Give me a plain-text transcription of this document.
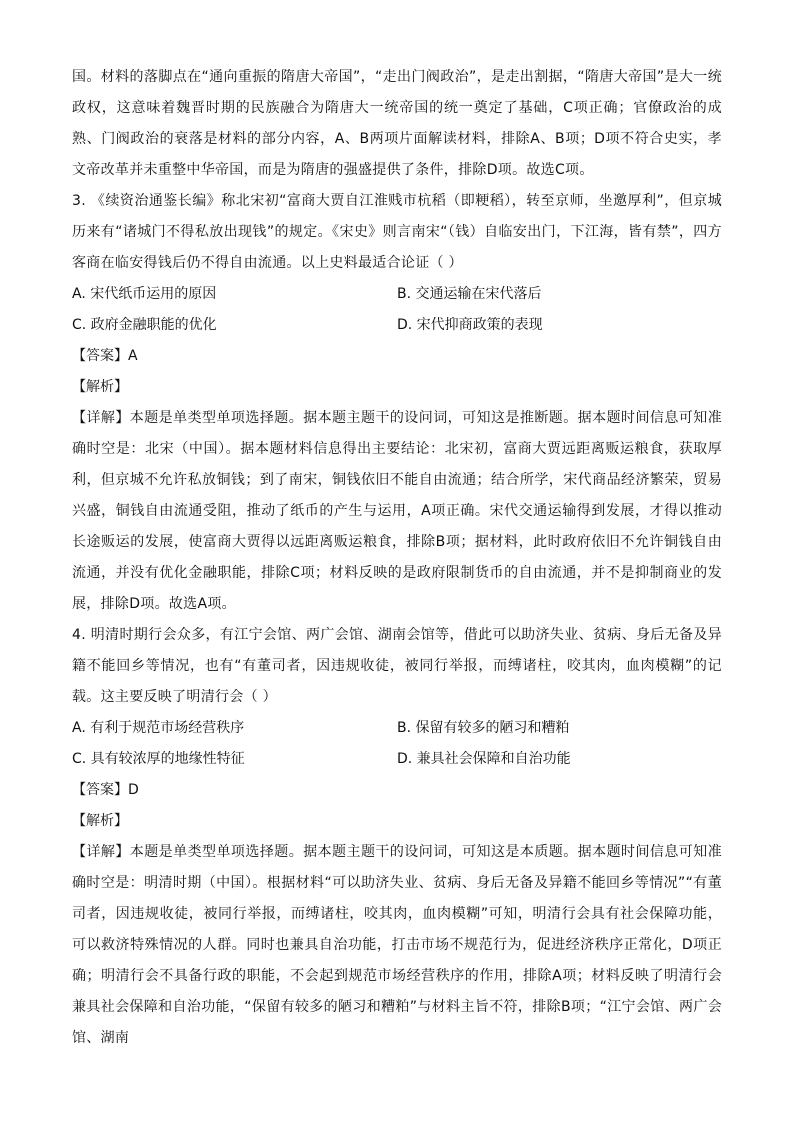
国。材料的落脚点在“通向重振的隋唐大帝国”，“走出门阀政治”，是走出割据，“隋唐大帝国”是大一统政权，这意味着魏晋时期的民族融合为隋唐大一统帝国的统一奠定了基础，C项正确；官僚政治的成熟、门阀政治的衰落是材料的部分内容，A、B两项片面解读材料，排除A、B项；D项不符合史实，孝文帝改革并未重整中华帝国，而是为隋唐的强盛提供了条件，排除D项。故选C项。

3. 《续资治通鉴长编》称北宋初“富商大贾自江淮贱市杭稻（即粳稻），转至京师，坐邀厚利”，但京城历来有“诸城门不得私放出现钱”的规定。《宋史》则言南宋“（钱）自临安出门，下江海，皆有禁”，四方客商在临安得钱后仍不得自由流通。以上史料最适合论证（ ）

A. 宋代纸币运用的原因	B. 交通运输在宋代落后
C. 政府金融职能的优化	D. 宋代抑商政策的表现

【答案】A

【解析】

【详解】本题是单类型单项选择题。据本题主题干的设问词，可知这是推断题。据本题时间信息可知准确时空是：北宋（中国）。据本题材料信息得出主要结论：北宋初，富商大贾远距离贩运粮食，获取厚利，但京城不允许私放铜钱；到了南宋，铜钱依旧不能自由流通；结合所学，宋代商品经济繁荣，贸易兴盛，铜钱自由流通受阻，推动了纸币的产生与运用，A项正确。宋代交通运输得到发展，才得以推动长途贩运的发展，使富商大贾得以远距离贩运粮食，排除B项；据材料，此时政府依旧不允许铜钱自由流通，并没有优化金融职能，排除C项；材料反映的是政府限制货币的自由流通，并不是抑制商业的发展，排除D项。故选A项。

4. 明清时期行会众多，有江宁会馆、两广会馆、湖南会馆等，借此可以助济失业、贫病、身后无备及异籍不能回乡等情况，也有“有董司者，因违规收徒，被同行举报，而缚诸柱，咬其肉，血肉模糊”的记载。这主要反映了明清行会（ ）

A. 有利于规范市场经营秩序	B. 保留有较多的陋习和糟粕
C. 具有较浓厚的地缘性特征	D. 兼具社会保障和自治功能

【答案】D

【解析】

【详解】本题是单类型单项选择题。据本题主题干的设问词，可知这是本质题。据本题时间信息可知准确时空是：明清时期（中国）。根据材料“可以助济失业、贫病、身后无备及异籍不能回乡等情况”“有董司者，因违规收徒，被同行举报，而缚诸柱，咬其肉，血肉模糊”可知，明清行会具有社会保障功能，可以救济特殊情况的人群。同时也兼具自治功能，打击市场不规范行为，促进经济秩序正常化，D项正确；明清行会不具备行政的职能，不会起到规范市场经营秩序的作用，排除A项；材料反映了明清行会兼具社会保障和自治功能，“保留有较多的陋习和糟粕”与材料主旨不符，排除B项；“江宁会馆、两广会馆、湖南
